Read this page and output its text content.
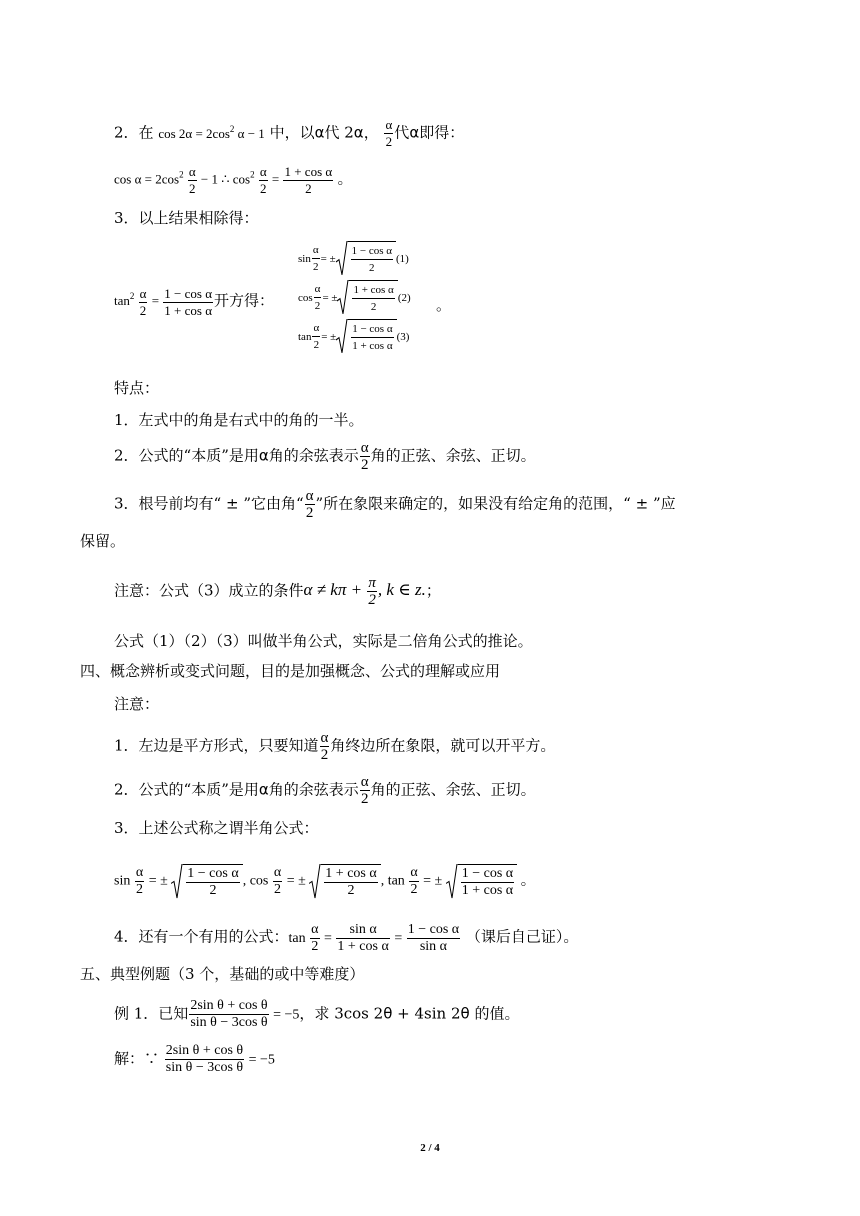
2．在 $\cos 2\alpha = 2\cos^2$ α − 1 中，以α代 2α， $\frac{\alpha}{2}$ 代α即得：
$\cos \alpha = 2\cos^2 \frac{\alpha}{2} - 1$ ∴ $\cos^2 \frac{\alpha}{2} = \frac{\text{1 + cos α}}{2}$ 。
3．以上结果相除得：
$\tan^2 \frac{\alpha}{2} = \frac{\text{1 − cos α}}{\text{1 + cos α}}$ 开方得：
$\sin \frac{\alpha}{2}$ = ± $\frac{\text{1 − cos α}}{2} (1)$
$\cos \frac{\alpha}{2}$ = ± $\frac{\text{1 + cos α}}{2} (2)$
$\tan \frac{\alpha}{2}$ = ± $\frac{\text{1 − cos α}}{\text{1 + cos α}} (3)$
。
特点：
1．左式中的角是右式中的角的一半。
2．公式的“本质”是用α角的余弦表示 $\frac{\alpha}{2}$ 角的正弦、余弦、正切。
3．根号前均有“ ± ”它由角“ $\frac{\alpha}{2}$ ”所在象限来确定的，如果没有给定角的范围，“ ± ”应
保留。
注意：公式（3）成立的条件$\alpha \ne k\pi + \frac{\pi}{2}$ , k ∈ z.；
公式（1）（2）（3）叫做半角公式，实际是二倍角公式的推论。
四、概念辨析或变式问题，目的是加强概念、公式的理解或应用
注意：
1．左边是平方形式，只要知道 $\frac{\alpha}{2}$ 角终边所在象限，就可以开平方。
2．公式的“本质”是用α角的余弦表示 $\frac{\alpha}{2}$ 角的正弦、余弦、正切。
3．上述公式称之谓半角公式：
$\sin \frac{\alpha}{2}$ = ± $\frac{\text{1 − cos α}}{2}$ , $\cos \frac{\alpha}{2}$ = ± $\frac{\text{1 + cos α}}{2}$ , $\tan \frac{\alpha}{2}$ = ± $\frac{\text{1 − cos α}}{\text{1 + cos α}}$ 。
4．还有一个有用的公式：$\tan \frac{\alpha}{2} = \frac{\text{sin α}}{\text{1 + cos α}} = \frac{\text{1 − cos α}}{\text{sin α}}$ （课后自己证）。
五、典型例题（3 个，基础的或中等难度）
例 1．已知 $\frac{\text{2sin θ + cos θ}}{\text{sin θ − 3cos θ}} = -5$，求 3cos 2θ + 4sin 2θ 的值。
解：∵ $\frac{\text{2sin θ + cos θ}}{\text{sin θ − 3cos θ}} = -5$
2 / 4
